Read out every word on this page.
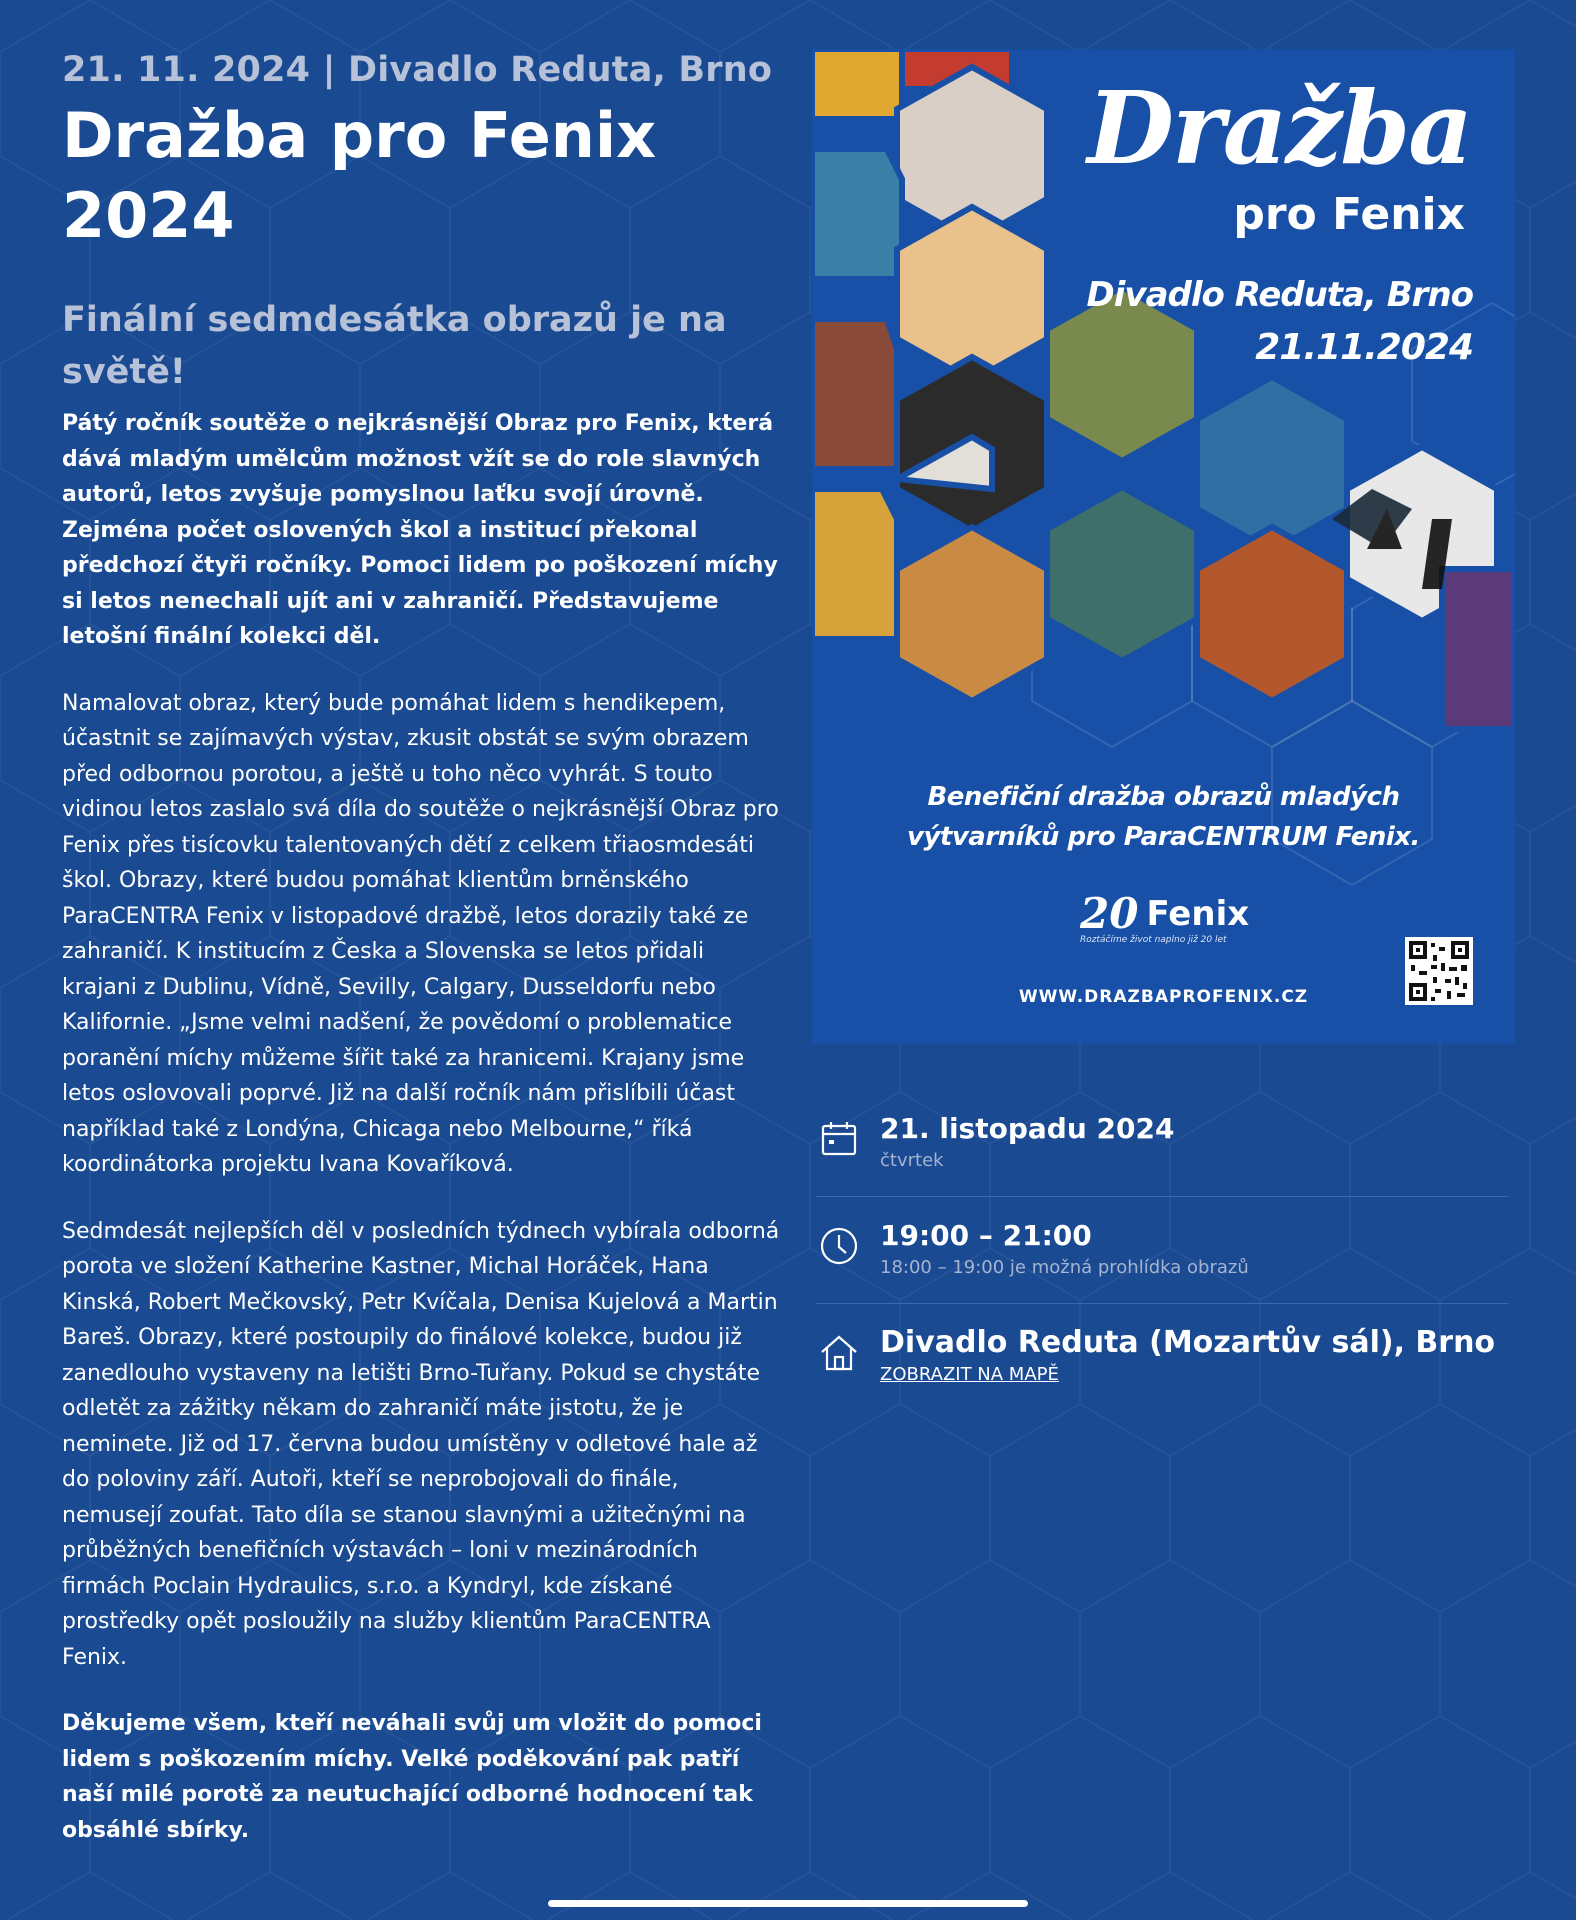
21. 11. 2024 | Divadlo Reduta, Brno
Dražba pro Fenix 2024
Finální sedmdesátka obrazů je na světě!

Pátý ročník soutěže o nejkrásnější Obraz pro Fenix, která dává mladým umělcům možnost vžít se do role slavných autorů, letos zvyšuje pomyslnou laťku svojí úrovně. Zejména počet oslovených škol a institucí překonal předchozí čtyři ročníky. Pomoci lidem po poškození míchy si letos nenechali ujít ani v zahraničí. Představujeme letošní finální kolekci děl.

Namalovat obraz, který bude pomáhat lidem s hendikepem, účastnit se zajímavých výstav, zkusit obstát se svým obrazem před odbornou porotou, a ještě u toho něco vyhrát. S touto vidinou letos zaslalo svá díla do soutěže o nejkrásnější Obraz pro Fenix přes tisícovku talentovaných dětí z celkem třiaosmdesáti škol. Obrazy, které budou pomáhat klientům brněnského ParaCENTRA Fenix v listopadové dražbě, letos dorazily také ze zahraničí. K institucím z Česka a Slovenska se letos přidali krajani z Dublinu, Vídně, Sevilly, Calgary, Dusseldorfu nebo Kalifornie. „Jsme velmi nadšení, že povědomí o problematice poranění míchy můžeme šířit také za hranicemi. Krajany jsme letos oslovovali poprvé. Již na další ročník nám přislíbili účast například také z Londýna, Chicaga nebo Melbourne,“ říká koordinátorka projektu Ivana Kovaříková.

Sedmdesát nejlepších děl v posledních týdnech vybírala odborná porota ve složení Katherine Kastner, Michal Horáček, Hana Kinská, Robert Mečkovský, Petr Kvíčala, Denisa Kujelová a Martin Bareš. Obrazy, které postoupily do finálové kolekce, budou již zanedlouho vystaveny na letišti Brno-Tuřany. Pokud se chystáte odletět za zážitky někam do zahraničí máte jistotu, že je neminete. Již od 17. června budou umístěny v odletové hale až do poloviny září. Autoři, kteří se neprobojovali do finále, nemusejí zoufat. Tato díla se stanou slavnými a užitečnými na průběžných benefičních výstavách – loni v mezinárodních firmách Poclain Hydraulics, s.r.o. a Kyndryl, kde získané prostředky opět posloužily na služby klientům ParaCENTRA Fenix.

Děkujeme všem, kteří neváhali svůj um vložit do pomoci lidem s poškozením míchy. Velké poděkování pak patří naší milé porotě za neutuchající odborné hodnocení tak obsáhlé sbírky.

Dražba
pro Fenix
Divadlo Reduta, Brno
21.11.2024
Benefiční dražba obrazů mladých
výtvarníků pro ParaCENTRUM Fenix.
20 Fenix
Roztáčíme život naplno již 20 let
WWW.DRAZBAPROFENIX.CZ
21. listopadu 2024
čtvrtek
19:00 – 21:00
18:00 – 19:00 je možná prohlídka obrazů
Divadlo Reduta (Mozartův sál), Brno
ZOBRAZIT NA MAPĚ
